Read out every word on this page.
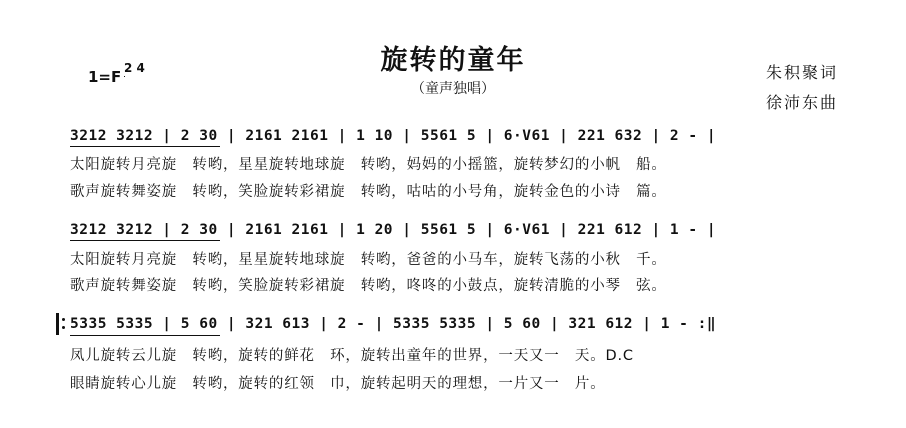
旋转的童年
（童声独唱）
1=F 2 4	朱积聚词
徐沛东曲
3212 3212 | 2 30 | 2161 2161 | 1 10 | 5561 5 | 6·V61 | 221 632 | 2 - |
太阳旋转月亮旋　转哟，星星旋转地球旋　转哟，妈妈的小摇篮，旋转梦幻的小帆　船。
歌声旋转舞姿旋　转哟，笑脸旋转彩裙旋　转哟，咕咕的小号角，旋转金色的小诗　篇。
3212 3212 | 2 30 | 2161 2161 | 1 20 | 5561 5 | 6·V61 | 221 612 | 1 - |
太阳旋转月亮旋　转哟，星星旋转地球旋　转哟，爸爸的小马车，旋转飞荡的小秋　千。
歌声旋转舞姿旋　转哟，笑脸旋转彩裙旋　转哟，咚咚的小鼓点，旋转清脆的小琴　弦。
5335 5335 | 5 60 | 321 613 | 2 - | 5335 5335 | 5 60 | 321 612 | 1 - :‖
凤儿旋转云儿旋　转哟，旋转的鲜花　环，旋转出童年的世界，一天又一　天。D.C
眼睛旋转心儿旋　转哟，旋转的红领　巾，旋转起明天的理想，一片又一　片。
